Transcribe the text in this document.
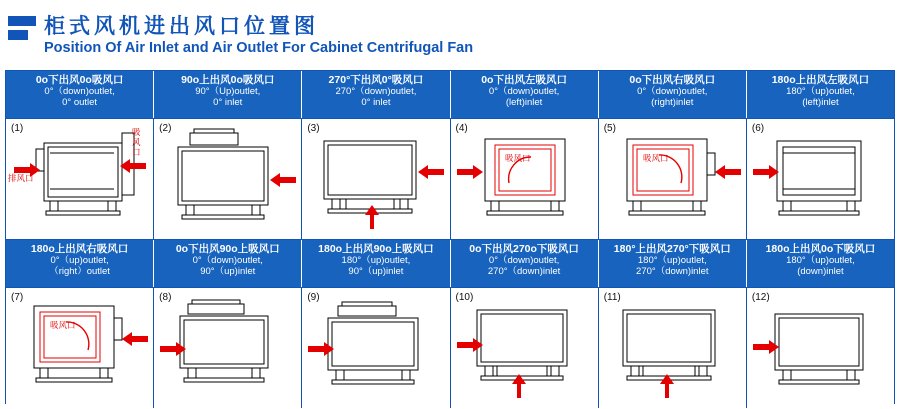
柜式风机进出风口位置图
Position Of Air Inlet and Air Outlet For Cabinet Centrifugal Fan
0o下出风0o吸风口
0°（down)outlet,
0° outlet
90o上出风0o吸风口
90°（Up)outlet,
0° inlet
270°下出风0°吸风口
270°（down)outlet,
0° inlet
0o下出风左吸风口
0°（down)outlet,
(left)inlet
0o下出风右吸风口
0°（down)outlet,
(right)inlet
180o上出风左吸风口
180°（up)outlet,
(left)inlet
(1)
排风口
吸
风
口
(2)	(3)	(4)
吸风口
(5)
吸风口
(6)
180o上出风右吸风口
0°（up)outlet,
（right）outlet
0o下出风90o上吸风口
0°（down)outlet,
90°（up)inlet
180o上出风90o上吸风口
180°（up)outlet,
90°（up)inlet
0o下出风270o下吸风口
0°（down)outlet,
270°（down)inlet
180°上出风270°下吸风口
180°（up)outlet,
270°（down)inlet
180o上出风0o下吸风口
180°（up)outlet,
(down)inlet
(7)
吸风口
(8)	(9)	(10)	(11)	(12)
